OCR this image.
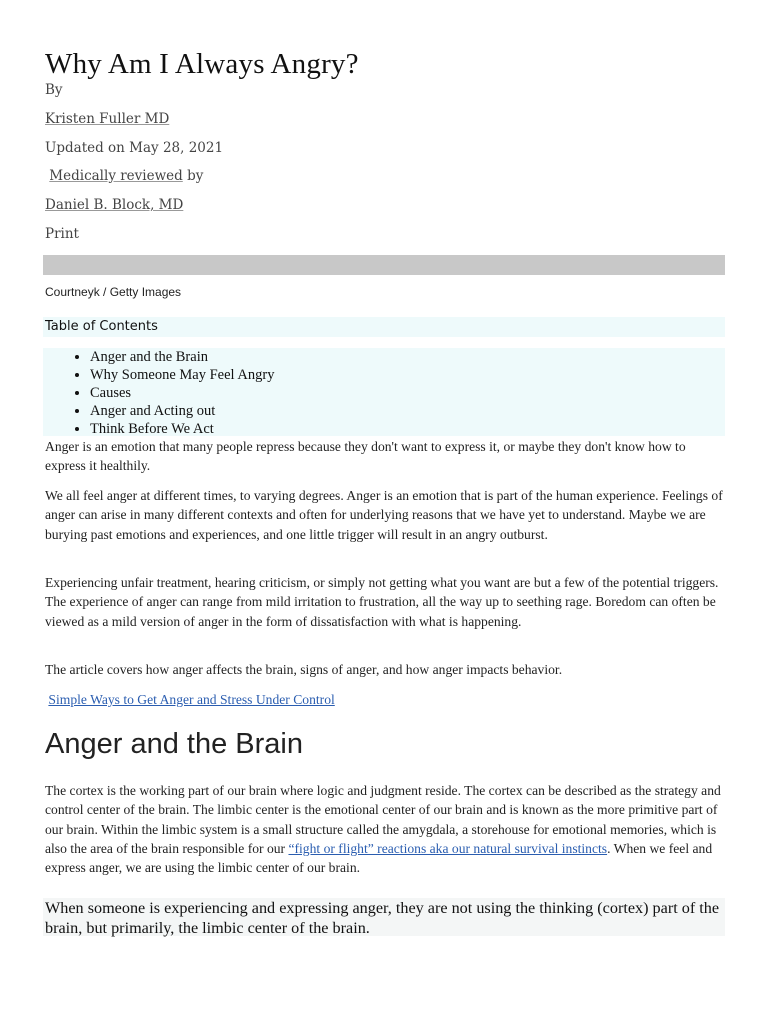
Why Am I Always Angry?
By
Kristen Fuller MD
Updated on May 28, 2021
Medically reviewed by
Daniel B. Block, MD
Print
Courtneyk / Getty Images
Table of Contents
• Anger and the Brain
• Why Someone May Feel Angry
• Causes
• Anger and Acting out
• Think Before We Act

Anger is an emotion that many people repress because they don't want to express it, or maybe they don't know how to express it healthily.

We all feel anger at different times, to varying degrees. Anger is an emotion that is part of the human experience. Feelings of anger can arise in many different contexts and often for underlying reasons that we have yet to understand. Maybe we are burying past emotions and experiences, and one little trigger will result in an angry outburst.

Experiencing unfair treatment, hearing criticism, or simply not getting what you want are but a few of the potential triggers. The experience of anger can range from mild irritation to frustration, all the way up to seething rage. Boredom can often be viewed as a mild version of anger in the form of dissatisfaction with what is happening.

The article covers how anger affects the brain, signs of anger, and how anger impacts behavior.

Simple Ways to Get Anger and Stress Under Control

Anger and the Brain

The cortex is the working part of our brain where logic and judgment reside. The cortex can be described as the strategy and control center of the brain. The limbic center is the emotional center of our brain and is known as the more primitive part of our brain. Within the limbic system is a small structure called the amygdala, a storehouse for emotional memories, which is also the area of the brain responsible for our “fight or flight” reactions aka our natural survival instincts. When we feel and express anger, we are using the limbic center of our brain.

When someone is experiencing and expressing anger, they are not using the thinking (cortex) part of the brain, but primarily, the limbic center of the brain.
